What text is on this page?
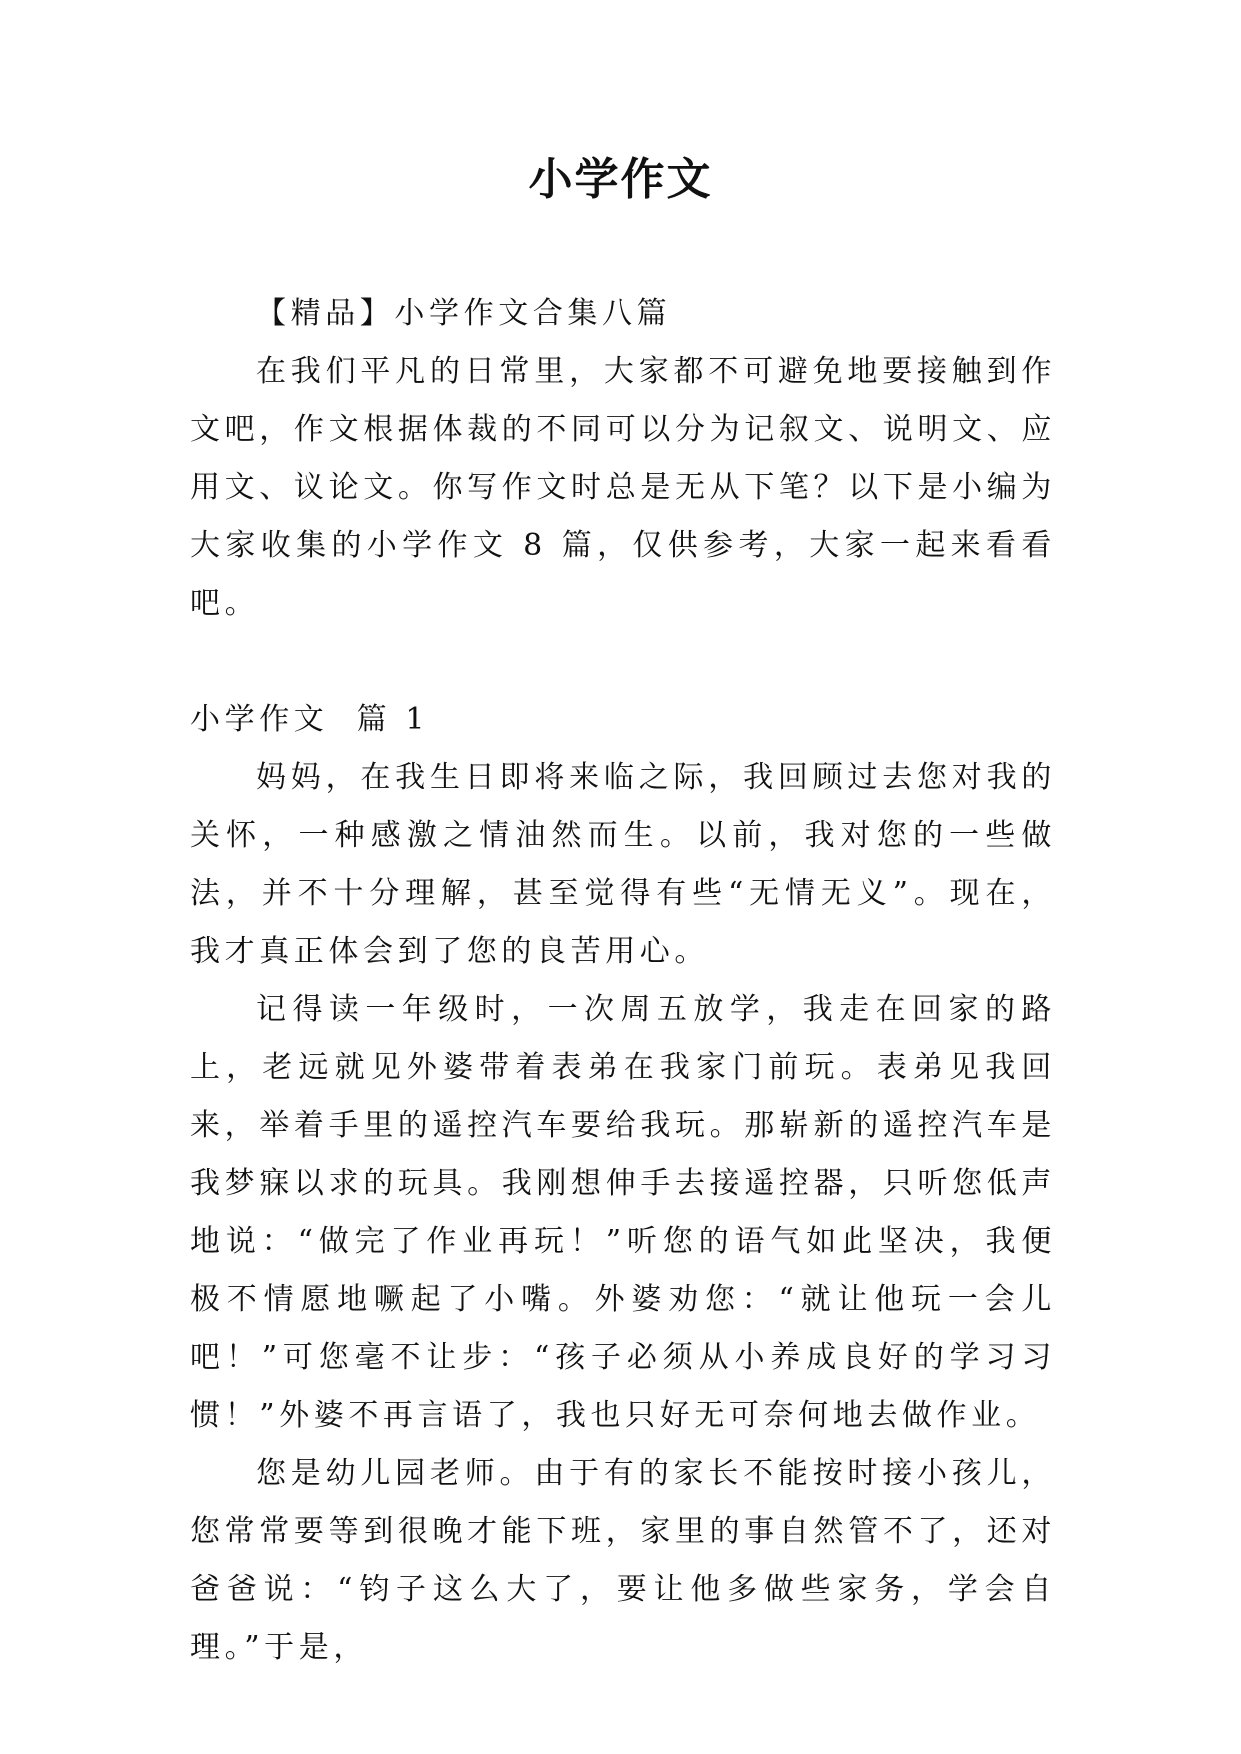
小学作文

【精品】小学作文合集八篇

在我们平凡的日常里，大家都不可避免地要接触到作文吧，作文根据体裁的不同可以分为记叙文、说明文、应用文、议论文。你写作文时总是无从下笔？以下是小编为大家收集的小学作文 8 篇，仅供参考，大家一起来看看吧。

小学作文  篇 1

妈妈，在我生日即将来临之际，我回顾过去您对我的关怀，一种感激之情油然而生。以前，我对您的一些做法，并不十分理解，甚至觉得有些“无情无义”。现在，我才真正体会到了您的良苦用心。

记得读一年级时，一次周五放学，我走在回家的路上，老远就见外婆带着表弟在我家门前玩。表弟见我回来，举着手里的遥控汽车要给我玩。那崭新的遥控汽车是我梦寐以求的玩具。我刚想伸手去接遥控器，只听您低声地说：“做完了作业再玩！”听您的语气如此坚决，我便极不情愿地噘起了小嘴。外婆劝您：“就让他玩一会儿吧！”可您毫不让步：“孩子必须从小养成良好的学习习惯！”外婆不再言语了，我也只好无可奈何地去做作业。

您是幼儿园老师。由于有的家长不能按时接小孩儿，您常常要等到很晚才能下班，家里的事自然管不了，还对爸爸说：“钧子这么大了，要让他多做些家务，学会自理。”于是，
